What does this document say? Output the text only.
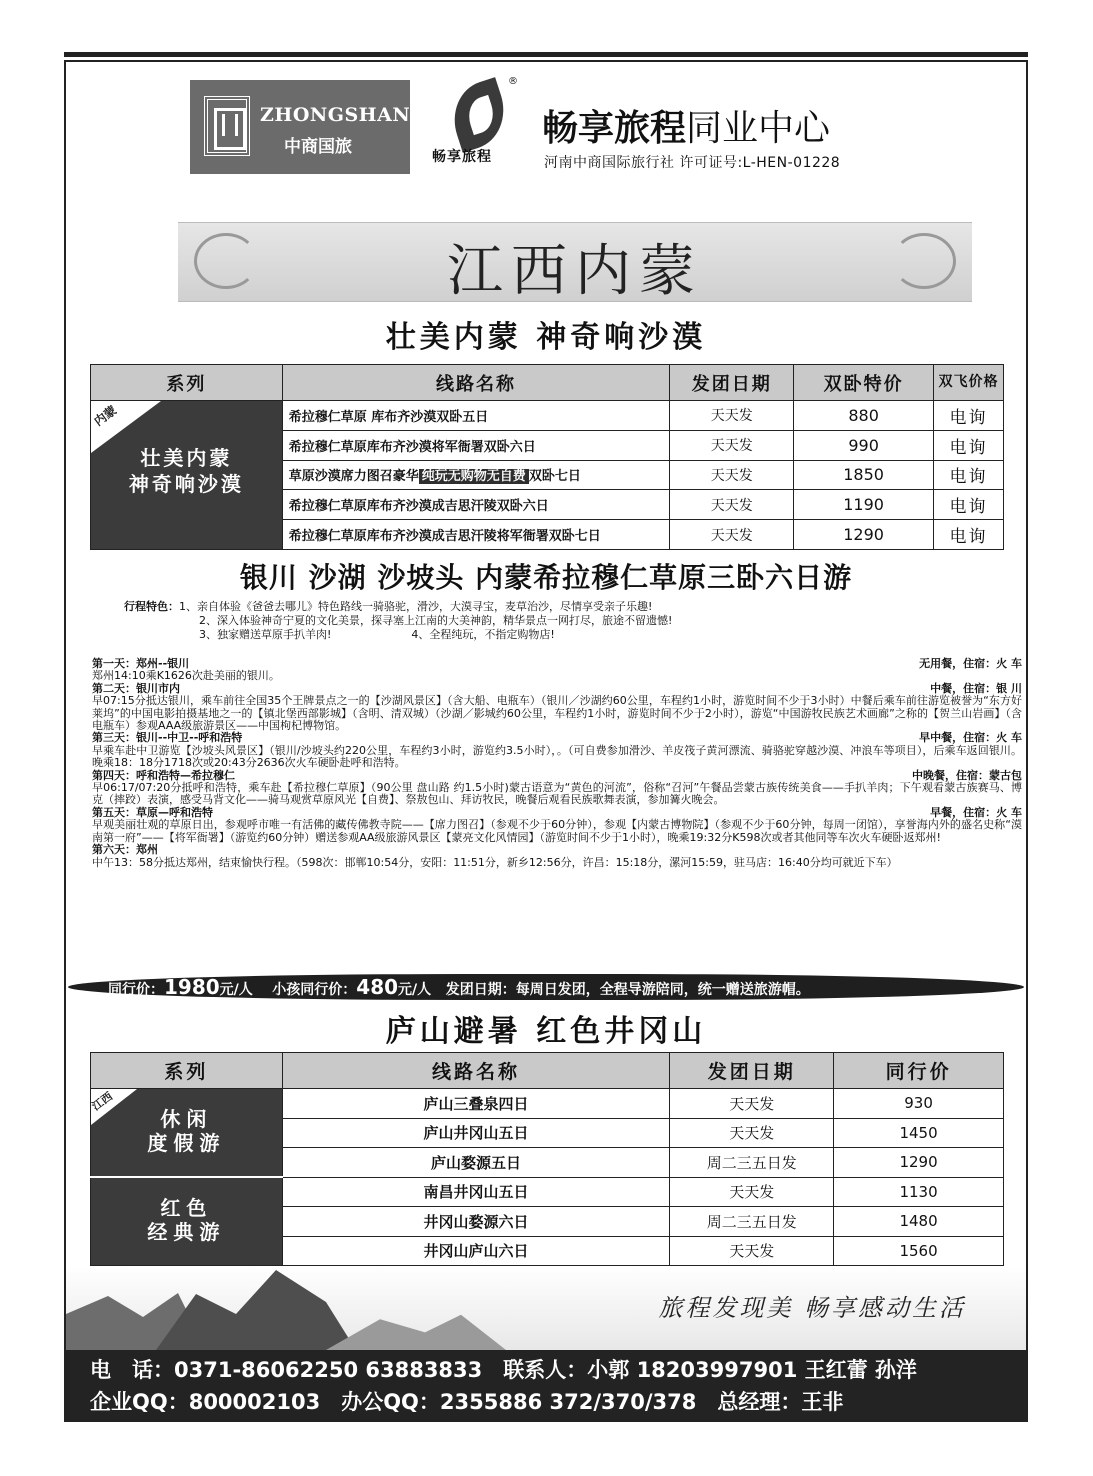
ZHONGSHANG
中商国旅
®
畅享旅程
畅享旅程同业中心
河南中商国际旅行社 许可证号:L-HEN-01228
江西内蒙
壮美内蒙 神奇响沙漠
系列	线路名称	发团日期	双卧特价	双飞价格

内蒙
壮美内蒙
神奇响沙漠	希拉穆仁草原 库布齐沙漠双卧五日	天天发	880	电询
	希拉穆仁草原库布齐沙漠将军衙署双卧六日	天天发	990	电询
	草原沙漠席力图召豪华 纯玩无购物无自费 双卧七日	天天发	1850	电询
	希拉穆仁草原库布齐沙漠成吉思汗陵双卧六日	天天发	1190	电询
	希拉穆仁草原库布齐沙漠成吉思汗陵将军衙署双卧七日	天天发	1290	电询
银川 沙湖 沙坡头 内蒙希拉穆仁草原三卧六日游
行程特色：1、亲自体验《爸爸去哪儿》特色路线一骑骆驼，滑沙，大漠寻宝，麦草治沙，尽情享受亲子乐趣!
2、深入体验神奇宁夏的文化美景，探寻塞上江南的大美神韵，精华景点一网打尽，旅途不留遗憾!
3、独家赠送草原手扒羊肉!	4、全程纯玩，不指定购物店!
第一天：郑州--银川	无用餐，住宿：火 车
郑州14:10乘K1626次赴美丽的银川。
第二天：银川市内	中餐，住宿：银 川
早07:15分抵达银川，乘车前往全国35个王牌景点之一的【沙湖风景区】（含大船、电瓶车）（银川／沙湖约60公里，车程约1小时，游览时间不少于3小时）中餐后乘车前往游览被誉为“东方好莱坞”的中国电影拍摄基地之一的【镇北堡西部影城】（含明、清双城）（沙湖／影城约60公里，车程约1小时，游览时间不少于2小时），游览“中国游牧民族艺术画廊”之称的【贺兰山岩画】（含电瓶车）参观AAA级旅游景区——中国枸杞博物馆。
第三天：银川--中卫--呼和浩特	早中餐，住宿：火 车
早乘车赴中卫游览【沙坡头风景区】（银川/沙坡头约220公里，车程约3小时，游览约3.5小时），。（可自费参加滑沙、羊皮筏子黄河漂流、骑骆驼穿越沙漠、冲浪车等项目），后乘车返回银川。晚乘18：18分1718次或20:43分2636次火车硬卧赴呼和浩特。
第四天：呼和浩特—希拉穆仁	中晚餐，住宿：蒙古包
早06:17/07:20分抵呼和浩特，乘车赴【希拉穆仁草原】（90公里 盘山路 约1.5小时)蒙古语意为“黄色的河流”，俗称“召河”午餐品尝蒙古族传统美食——手扒羊肉；下午观看蒙古族赛马、博克（摔跤）表演，感受马背文化——骑马观赏草原风光【自费】、祭敖包山、拜访牧民，晚餐后观看民族歌舞表演，参加篝火晚会。
第五天：草原—呼和浩特	早餐，住宿：火 车
早观美丽壮观的草原日出，参观呼市唯一有活佛的藏传佛教寺院——【席力图召】（参观不少于60分钟），参观【内蒙古博物院】（参观不少于60分钟，每周一闭馆），享誉海内外的盛名史称“漠南第一府”——【将军衙署】（游览约60分钟）赠送参观AA级旅游风景区【蒙亮文化风情园】（游览时间不少于1小时），晚乘19:32分K598次或者其他同等车次火车硬卧返郑州!
第六天：郑州
中午13：58分抵达郑州，结束愉快行程。（598次：邯郸10:54分，安阳：11:51分，新乡12:56分，许昌：15:18分，漯河15:59，驻马店：16:40分均可就近下车）
同行价：1980元/人 小孩同行价：480元/人 发团日期：每周日发团，全程导游陪同，统一赠送旅游帽。
庐山避暑 红色井冈山
系列	线路名称	发团日期	同行价

江西
休闲
度假游	庐山三叠泉四日	天天发	930
	庐山井冈山五日	天天发	1450
	庐山婺源五日	周二三五日发	1290

红色
经典游	南昌井冈山五日	天天发	1130
	井冈山婺源六日	周二三五日发	1480
	井冈山庐山六日	天天发	1560
旅程发现美 畅享感动生活
电　话：0371-86062250 63883833　联系人：小郭 18203997901 王红蕾 孙洋
企业QQ：800002103　办公QQ：2355886 372/370/378　总经理：王非
